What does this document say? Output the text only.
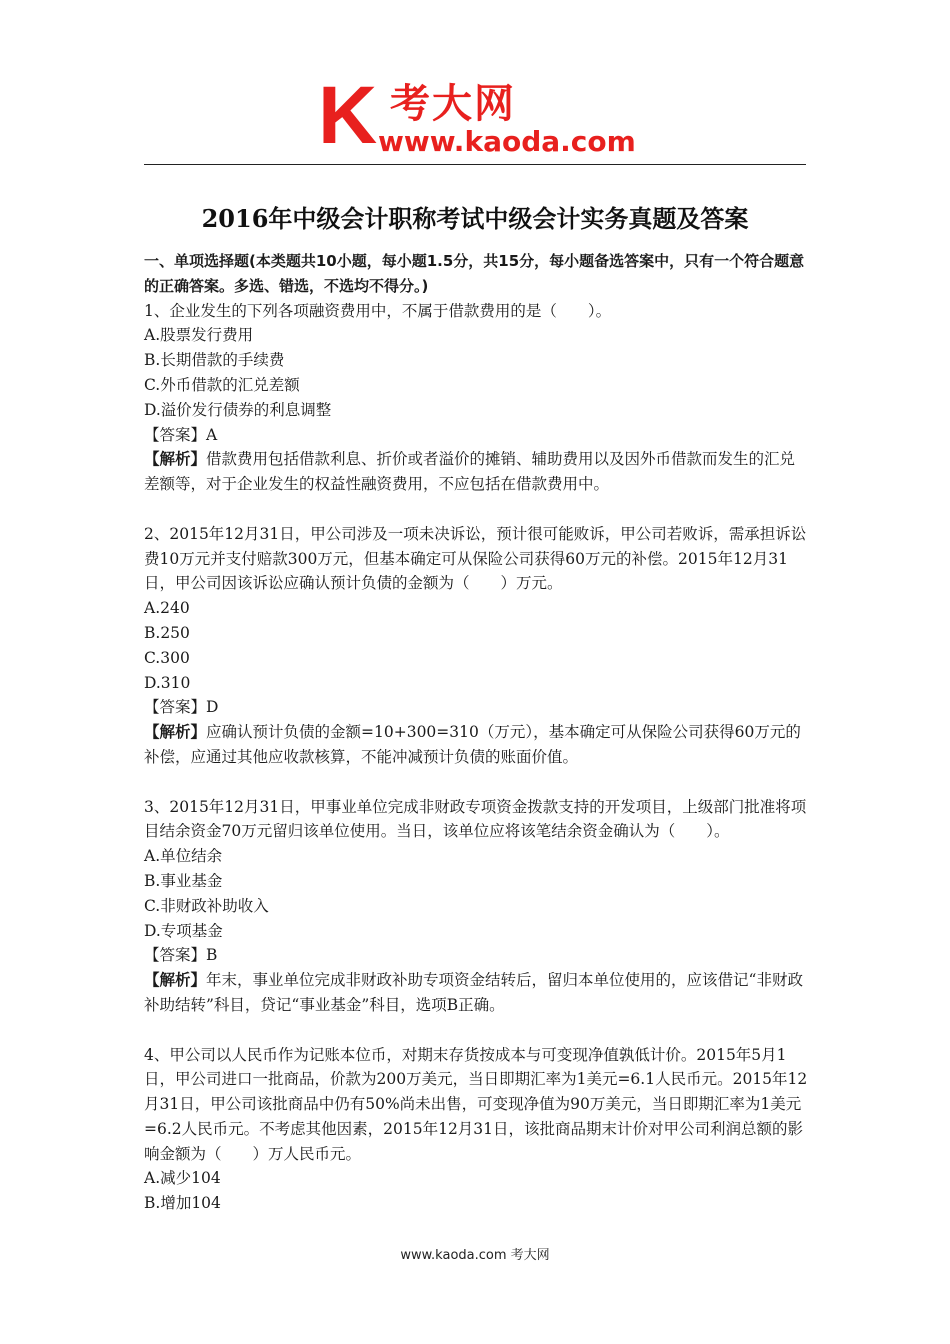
K 考大网
www.kaoda.com
2016年中级会计职称考试中级会计实务真题及答案

一、单项选择题(本类题共10小题，每小题1.5分，共15分，每小题备选答案中，只有一个符合题意的正确答案。多选、错选，不选均不得分。)

1、企业发生的下列各项融资费用中，不属于借款费用的是（　　）。

A.股票发行费用

B.长期借款的手续费

C.外币借款的汇兑差额

D.溢价发行债券的利息调整

【答案】A

【解析】借款费用包括借款利息、折价或者溢价的摊销、辅助费用以及因外币借款而发生的汇兑差额等，对于企业发生的权益性融资费用，不应包括在借款费用中。

2、2015年12月31日，甲公司涉及一项未决诉讼，预计很可能败诉，甲公司若败诉，需承担诉讼费10万元并支付赔款300万元，但基本确定可从保险公司获得60万元的补偿。2015年12月31日，甲公司因该诉讼应确认预计负债的金额为（　　）万元。

A.240

B.250

C.300

D.310

【答案】D

【解析】应确认预计负债的金额=10+300=310（万元），基本确定可从保险公司获得60万元的补偿，应通过其他应收款核算，不能冲减预计负债的账面价值。

3、2015年12月31日，甲事业单位完成非财政专项资金拨款支持的开发项目，上级部门批准将项目结余资金70万元留归该单位使用。当日，该单位应将该笔结余资金确认为（　　）。

A.单位结余

B.事业基金

C.非财政补助收入

D.专项基金

【答案】B

【解析】年末，事业单位完成非财政补助专项资金结转后，留归本单位使用的，应该借记“非财政补助结转”科目，贷记“事业基金”科目，选项B正确。

4、甲公司以人民币作为记账本位币，对期末存货按成本与可变现净值孰低计价。2015年5月1日，甲公司进口一批商品，价款为200万美元，当日即期汇率为1美元=6.1人民币元。2015年12月31日，甲公司该批商品中仍有50%尚未出售，可变现净值为90万美元，当日即期汇率为1美元=6.2人民币元。不考虑其他因素，2015年12月31日，该批商品期末计价对甲公司利润总额的影响金额为（　　）万人民币元。

A.减少104

B.增加104

www.kaoda.com 考大网
